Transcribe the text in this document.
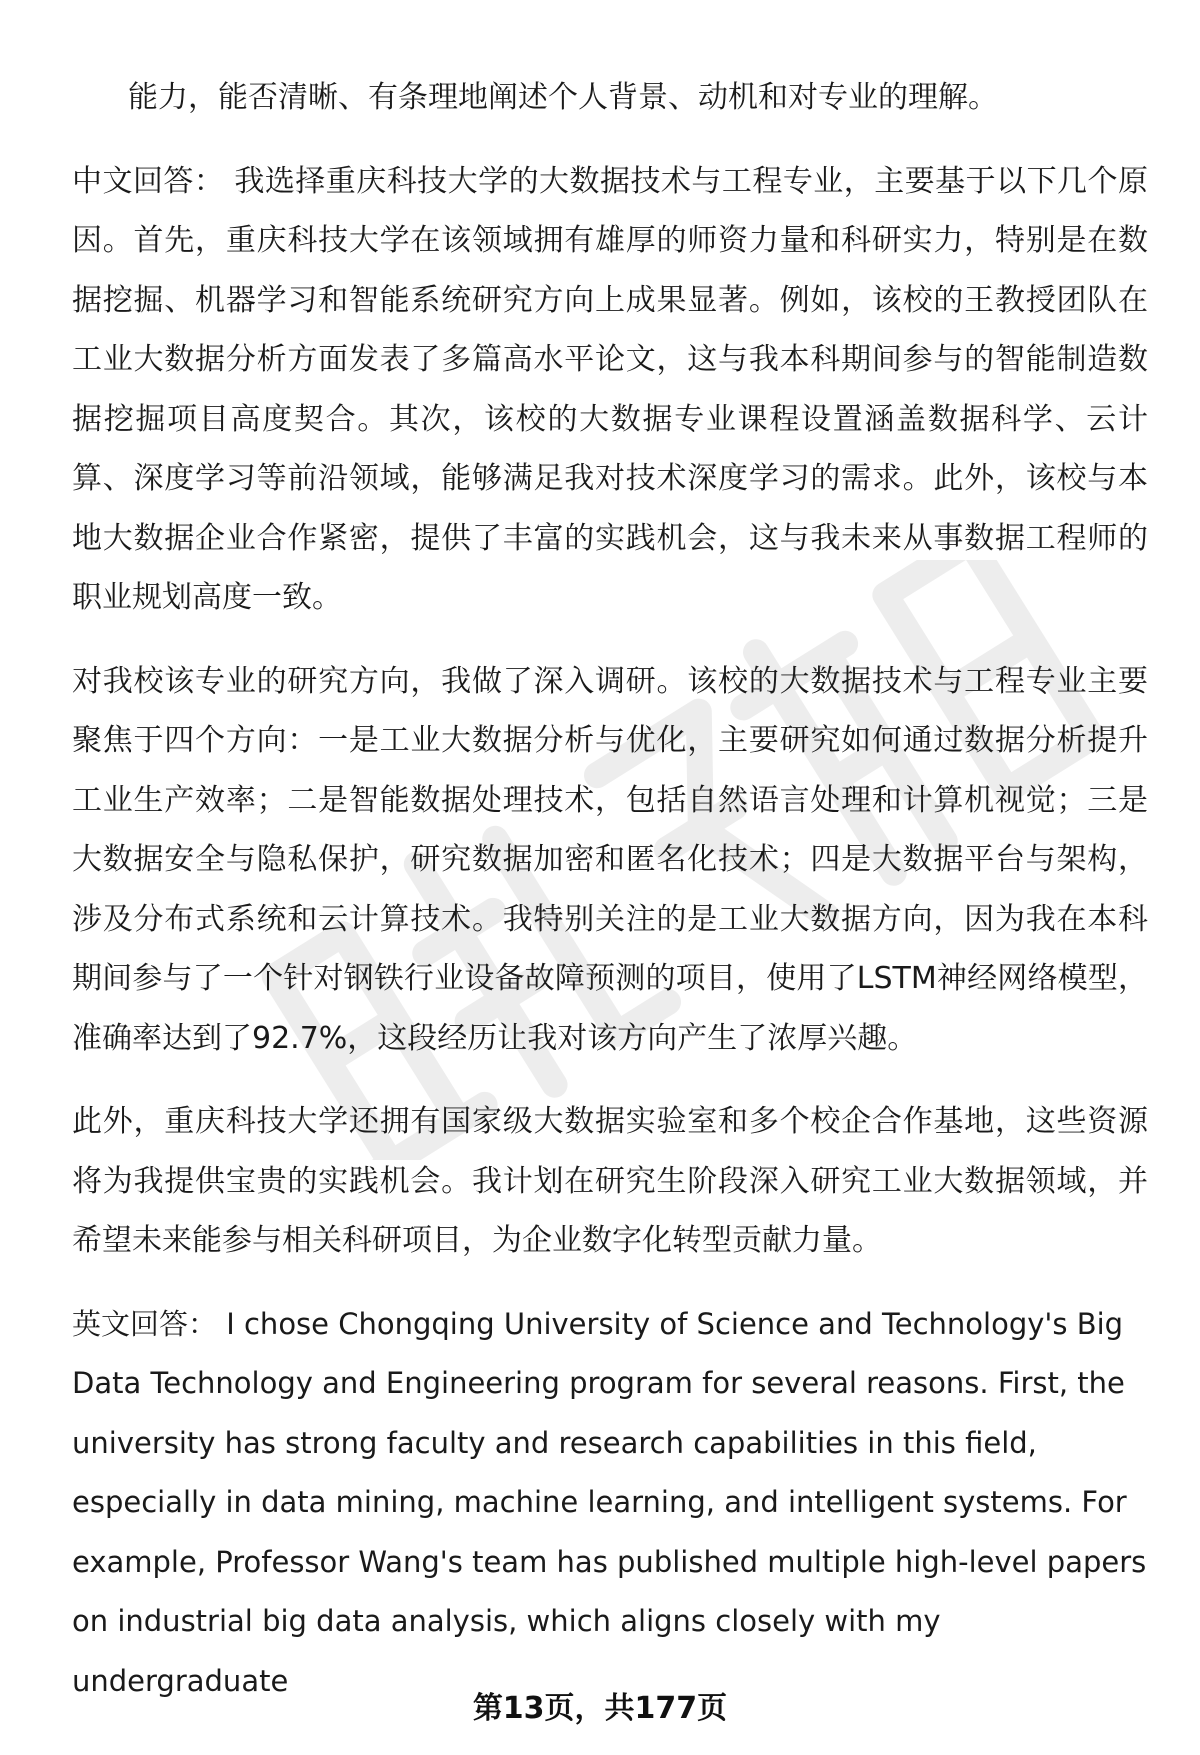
能力，能否清晰、有条理地阐述个人背景、动机和对专业的理解。

中文回答： 我选择重庆科技大学的大数据技术与工程专业，主要基于以下几个原因。首先，重庆科技大学在该领域拥有雄厚的师资力量和科研实力，特别是在数据挖掘、机器学习和智能系统研究方向上成果显著。例如，该校的王教授团队在工业大数据分析方面发表了多篇高水平论文，这与我本科期间参与的智能制造数据挖掘项目高度契合。其次，该校的大数据专业课程设置涵盖数据科学、云计算、深度学习等前沿领域，能够满足我对技术深度学习的需求。此外，该校与本地大数据企业合作紧密，提供了丰富的实践机会，这与我未来从事数据工程师的职业规划高度一致。

对我校该专业的研究方向，我做了深入调研。该校的大数据技术与工程专业主要聚焦于四个方向：一是工业大数据分析与优化，主要研究如何通过数据分析提升工业生产效率；二是智能数据处理技术，包括自然语言处理和计算机视觉；三是大数据安全与隐私保护，研究数据加密和匿名化技术；四是大数据平台与架构，涉及分布式系统和云计算技术。我特别关注的是工业大数据方向，因为我在本科期间参与了一个针对钢铁行业设备故障预测的项目，使用了LSTM神经网络模型，准确率达到了92.7%，这段经历让我对该方向产生了浓厚兴趣。

此外，重庆科技大学还拥有国家级大数据实验室和多个校企合作基地，这些资源将为我提供宝贵的实践机会。我计划在研究生阶段深入研究工业大数据领域，并希望未来能参与相关科研项目，为企业数字化转型贡献力量。

英文回答： I chose Chongqing University of Science and Technology's Big Data Technology and Engineering program for several reasons. First, the university has strong faculty and research capabilities in this field, especially in data mining, machine learning, and intelligent systems. For example, Professor Wang's team has published multiple high-level papers on industrial big data analysis, which aligns closely with my undergraduate

第13页，共177页
